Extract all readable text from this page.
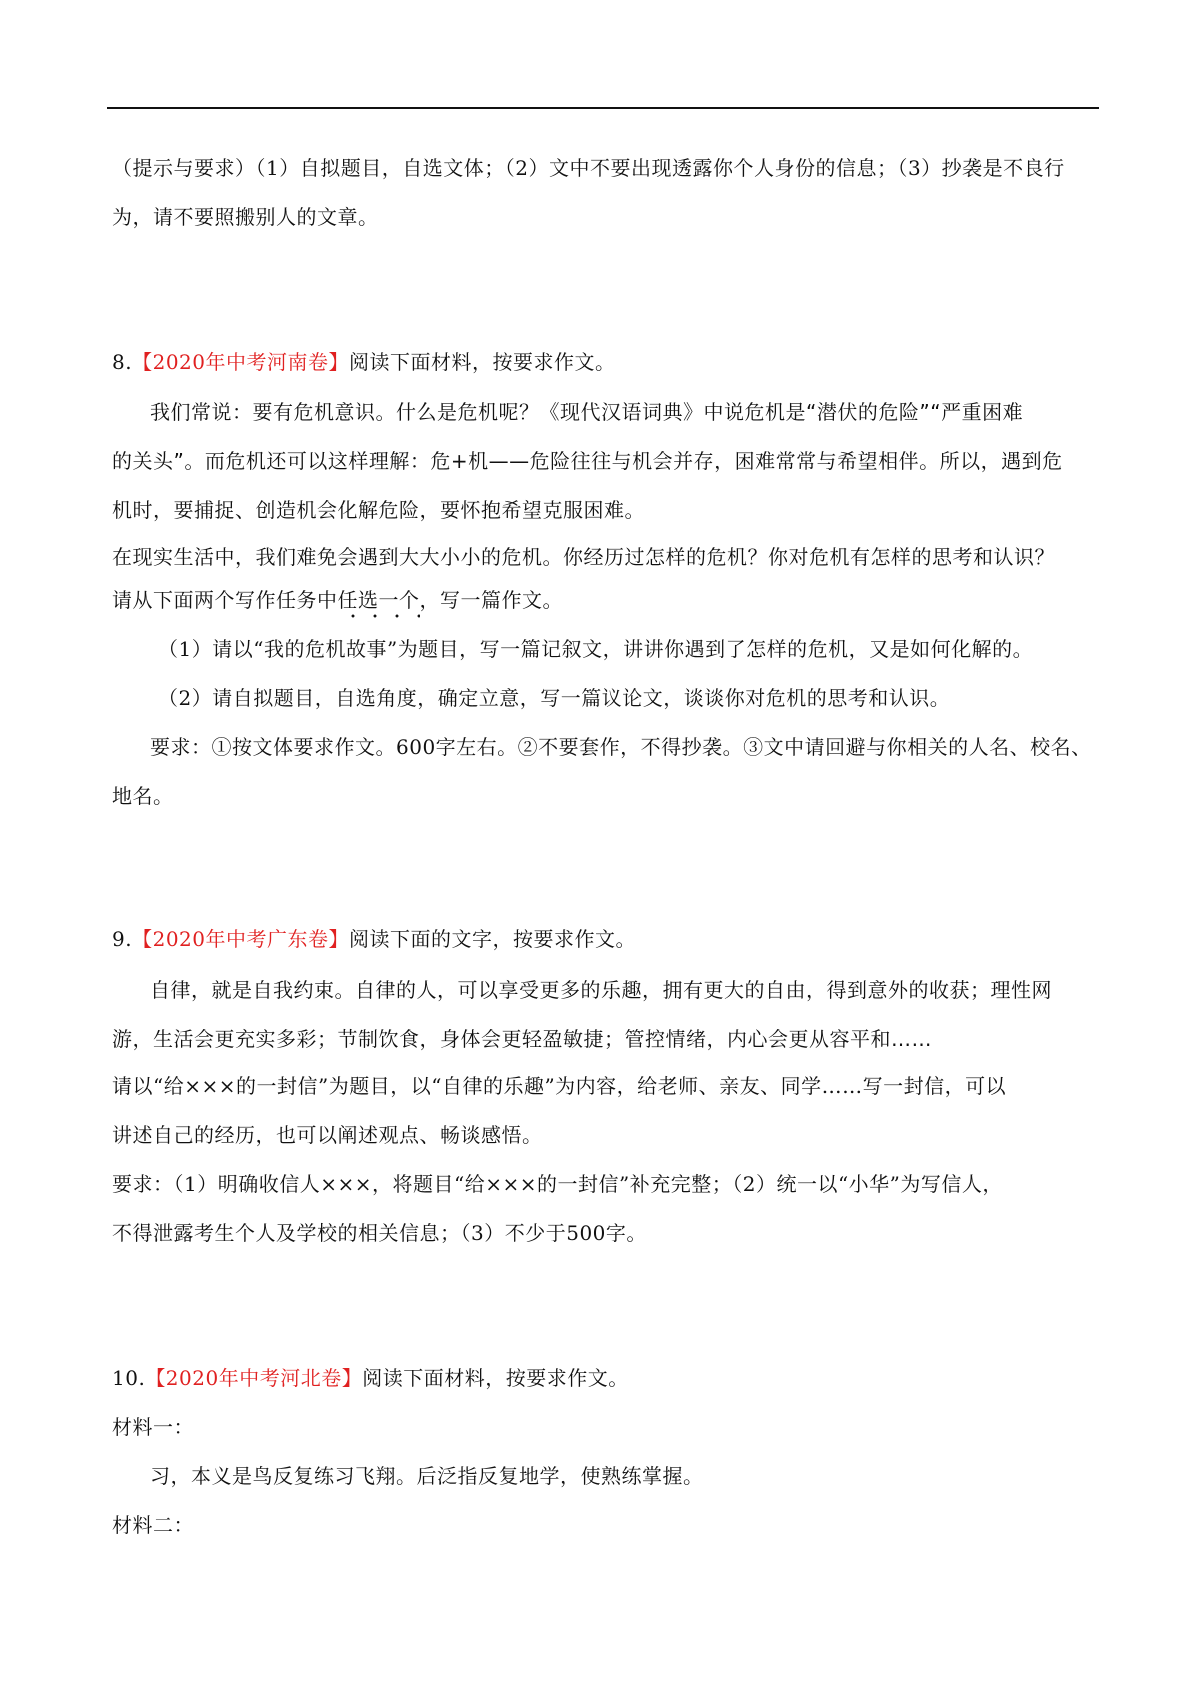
（提示与要求）（1）自拟题目，自选文体；（2）文中不要出现透露你个人身份的信息；（3）抄袭是不良行
为，请不要照搬别人的文章。
8.【2020年中考河南卷】阅读下面材料，按要求作文。
我们常说：要有危机意识。什么是危机呢？《现代汉语词典》中说危机是“潜伏的危险”“严重困难
的关头”。而危机还可以这样理解：危+机——危险往往与机会并存，困难常常与希望相伴。所以，遇到危
机时，要捕捉、创造机会化解危险，要怀抱希望克服困难。
在现实生活中，我们难免会遇到大大小小的危机。你经历过怎样的危机？你对危机有怎样的思考和认识？
请从下面两个写作任务中任选一个，写一篇作文。
（1）请以“我的危机故事”为题目，写一篇记叙文，讲讲你遇到了怎样的危机，又是如何化解的。
（2）请自拟题目，自选角度，确定立意，写一篇议论文，谈谈你对危机的思考和认识。
要求：①按文体要求作文。600字左右。②不要套作，不得抄袭。③文中请回避与你相关的人名、校名、
地名。
9.【2020年中考广东卷】阅读下面的文字，按要求作文。
自律，就是自我约束。自律的人，可以享受更多的乐趣，拥有更大的自由，得到意外的收获；理性网
游，生活会更充实多彩；节制饮食，身体会更轻盈敏捷；管控情绪，内心会更从容平和……
请以“给×××的一封信”为题目，以“自律的乐趣”为内容，给老师、亲友、同学……写一封信，可以
讲述自己的经历，也可以阐述观点、畅谈感悟。
要求：（1）明确收信人×××，将题目“给×××的一封信”补充完整；（2）统一以“小华”为写信人，
不得泄露考生个人及学校的相关信息；（3）不少于500字。
10.【2020年中考河北卷】阅读下面材料，按要求作文。
材料一：
习，本义是鸟反复练习飞翔。后泛指反复地学，使熟练掌握。
材料二：
